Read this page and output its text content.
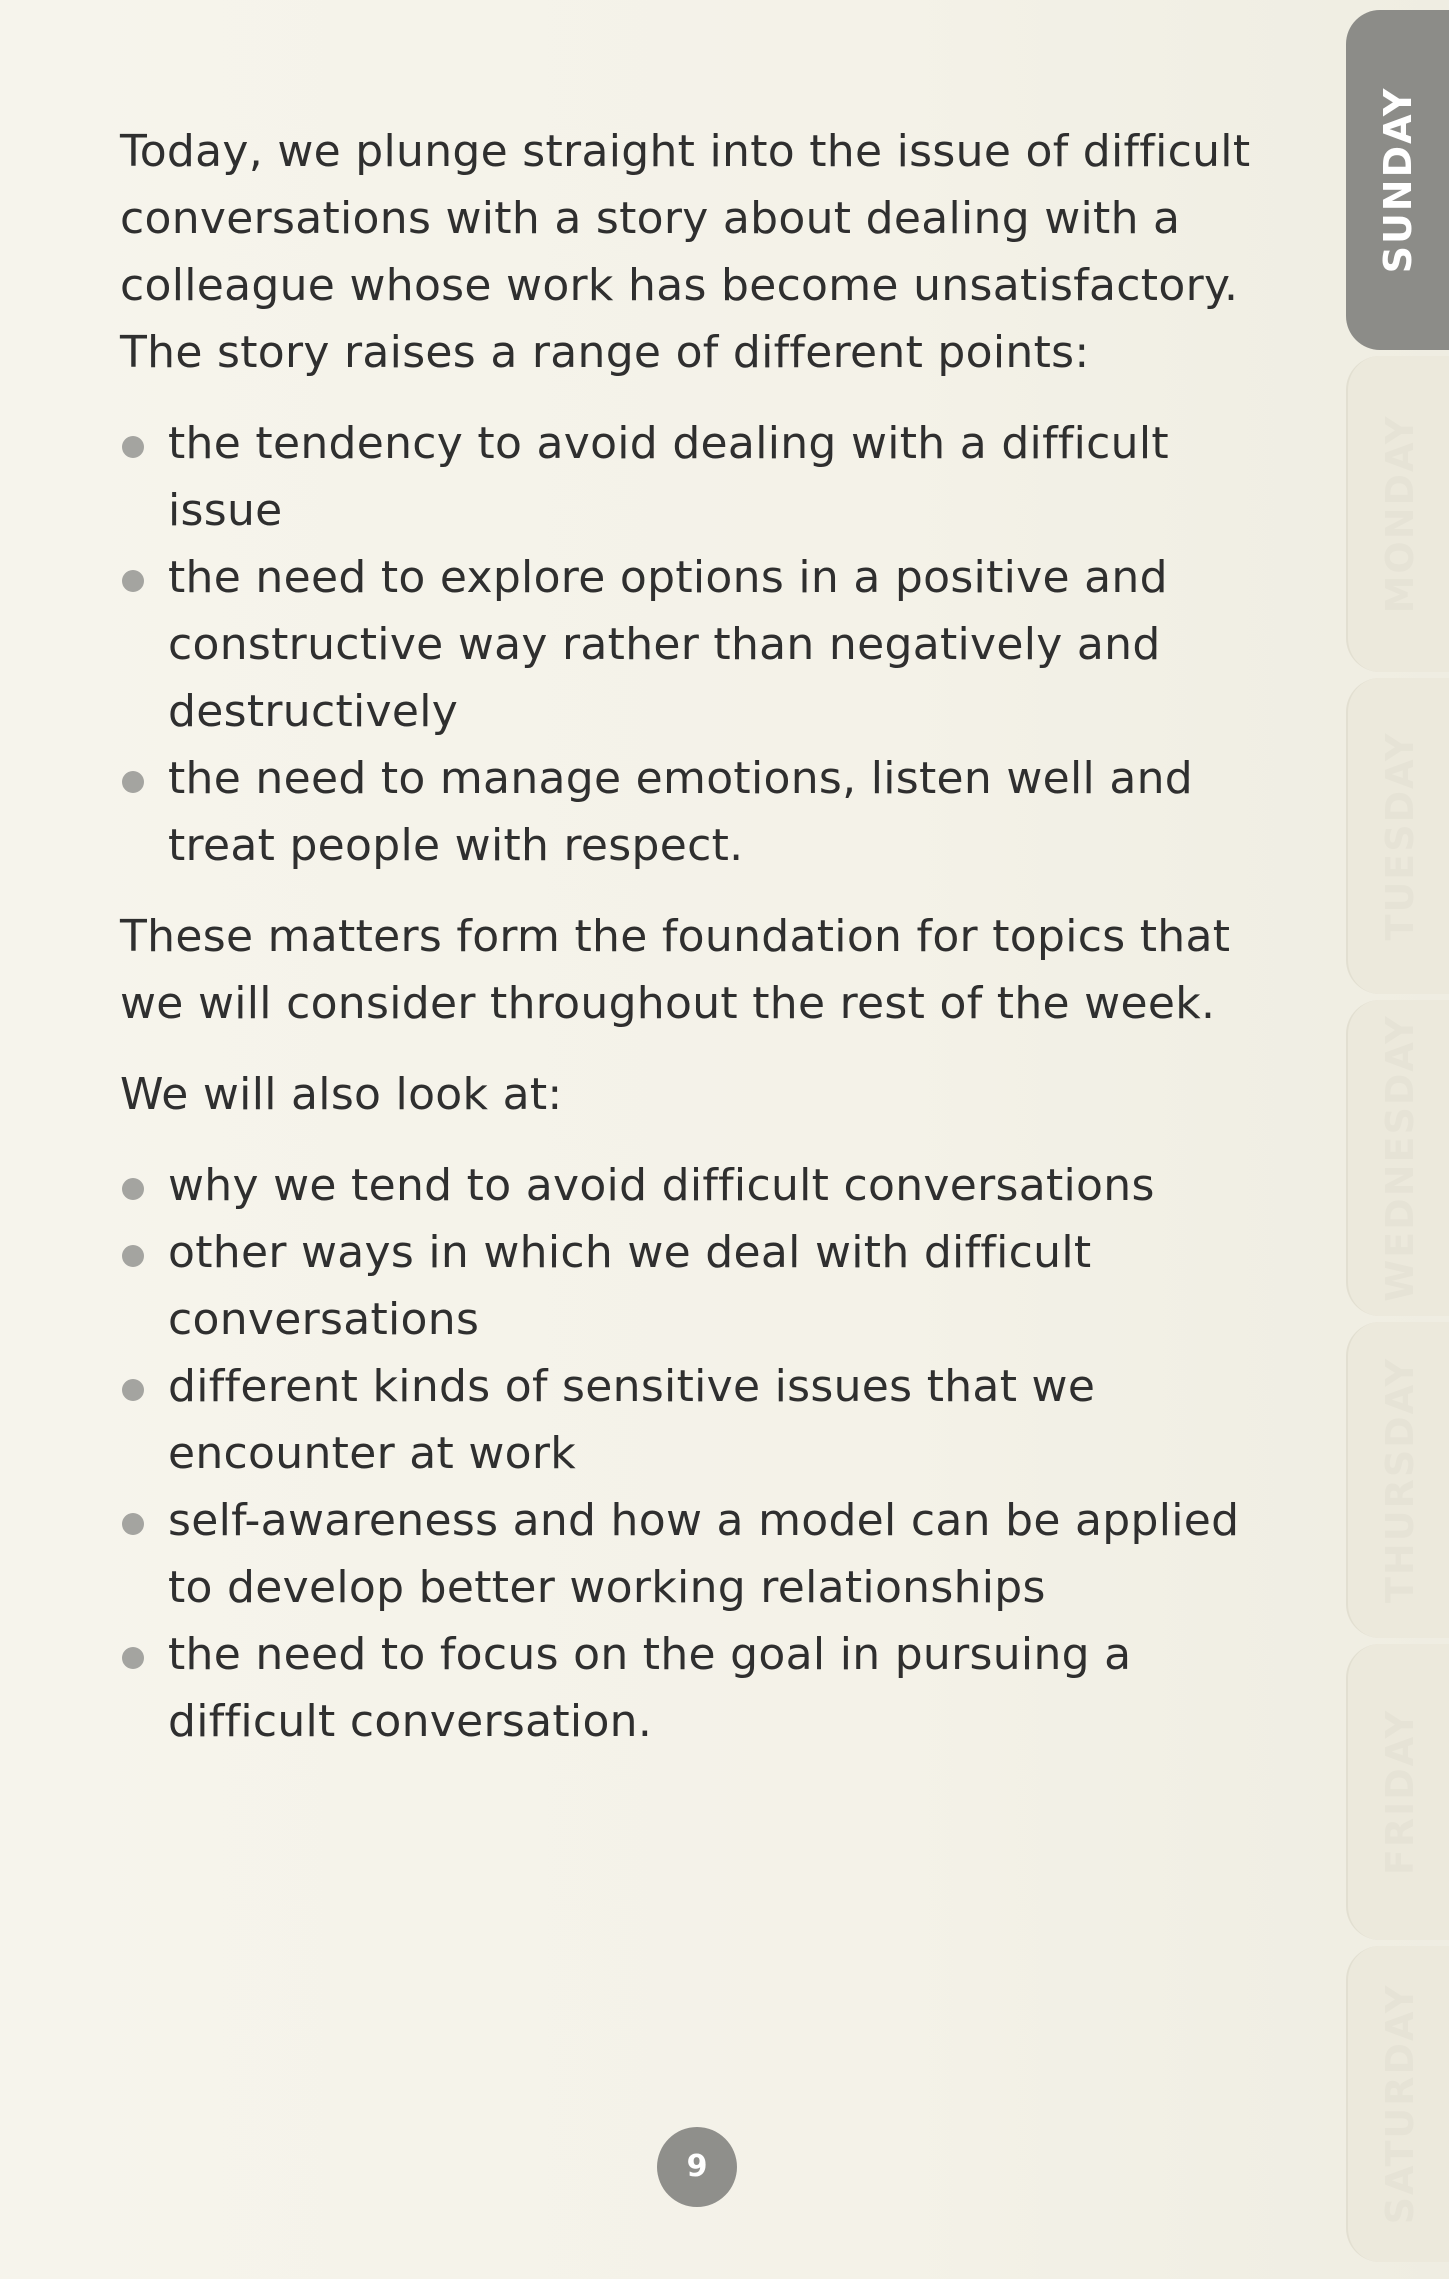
Today, we plunge straight into the issue of difficult conversations with a story about dealing with a colleague whose work has become unsatisfactory. The story raises a range of different points:

the tendency to avoid dealing with a difficult issue
the need to explore options in a positive and constructive way rather than negatively and destructively
the need to manage emotions, listen well and treat people with respect.

These matters form the foundation for topics that we will consider throughout the rest of the week.

We will also look at:

why we tend to avoid difficult conversations
other ways in which we deal with difficult conversations
different kinds of sensitive issues that we encounter at work
self-awareness and how a model can be applied to develop better working relationships
the need to focus on the goal in pursuing a difficult conversation.
SUNDAY
MONDAY
TUESDAY
WEDNESDAY
THURSDAY
FRIDAY
SATURDAY
9
